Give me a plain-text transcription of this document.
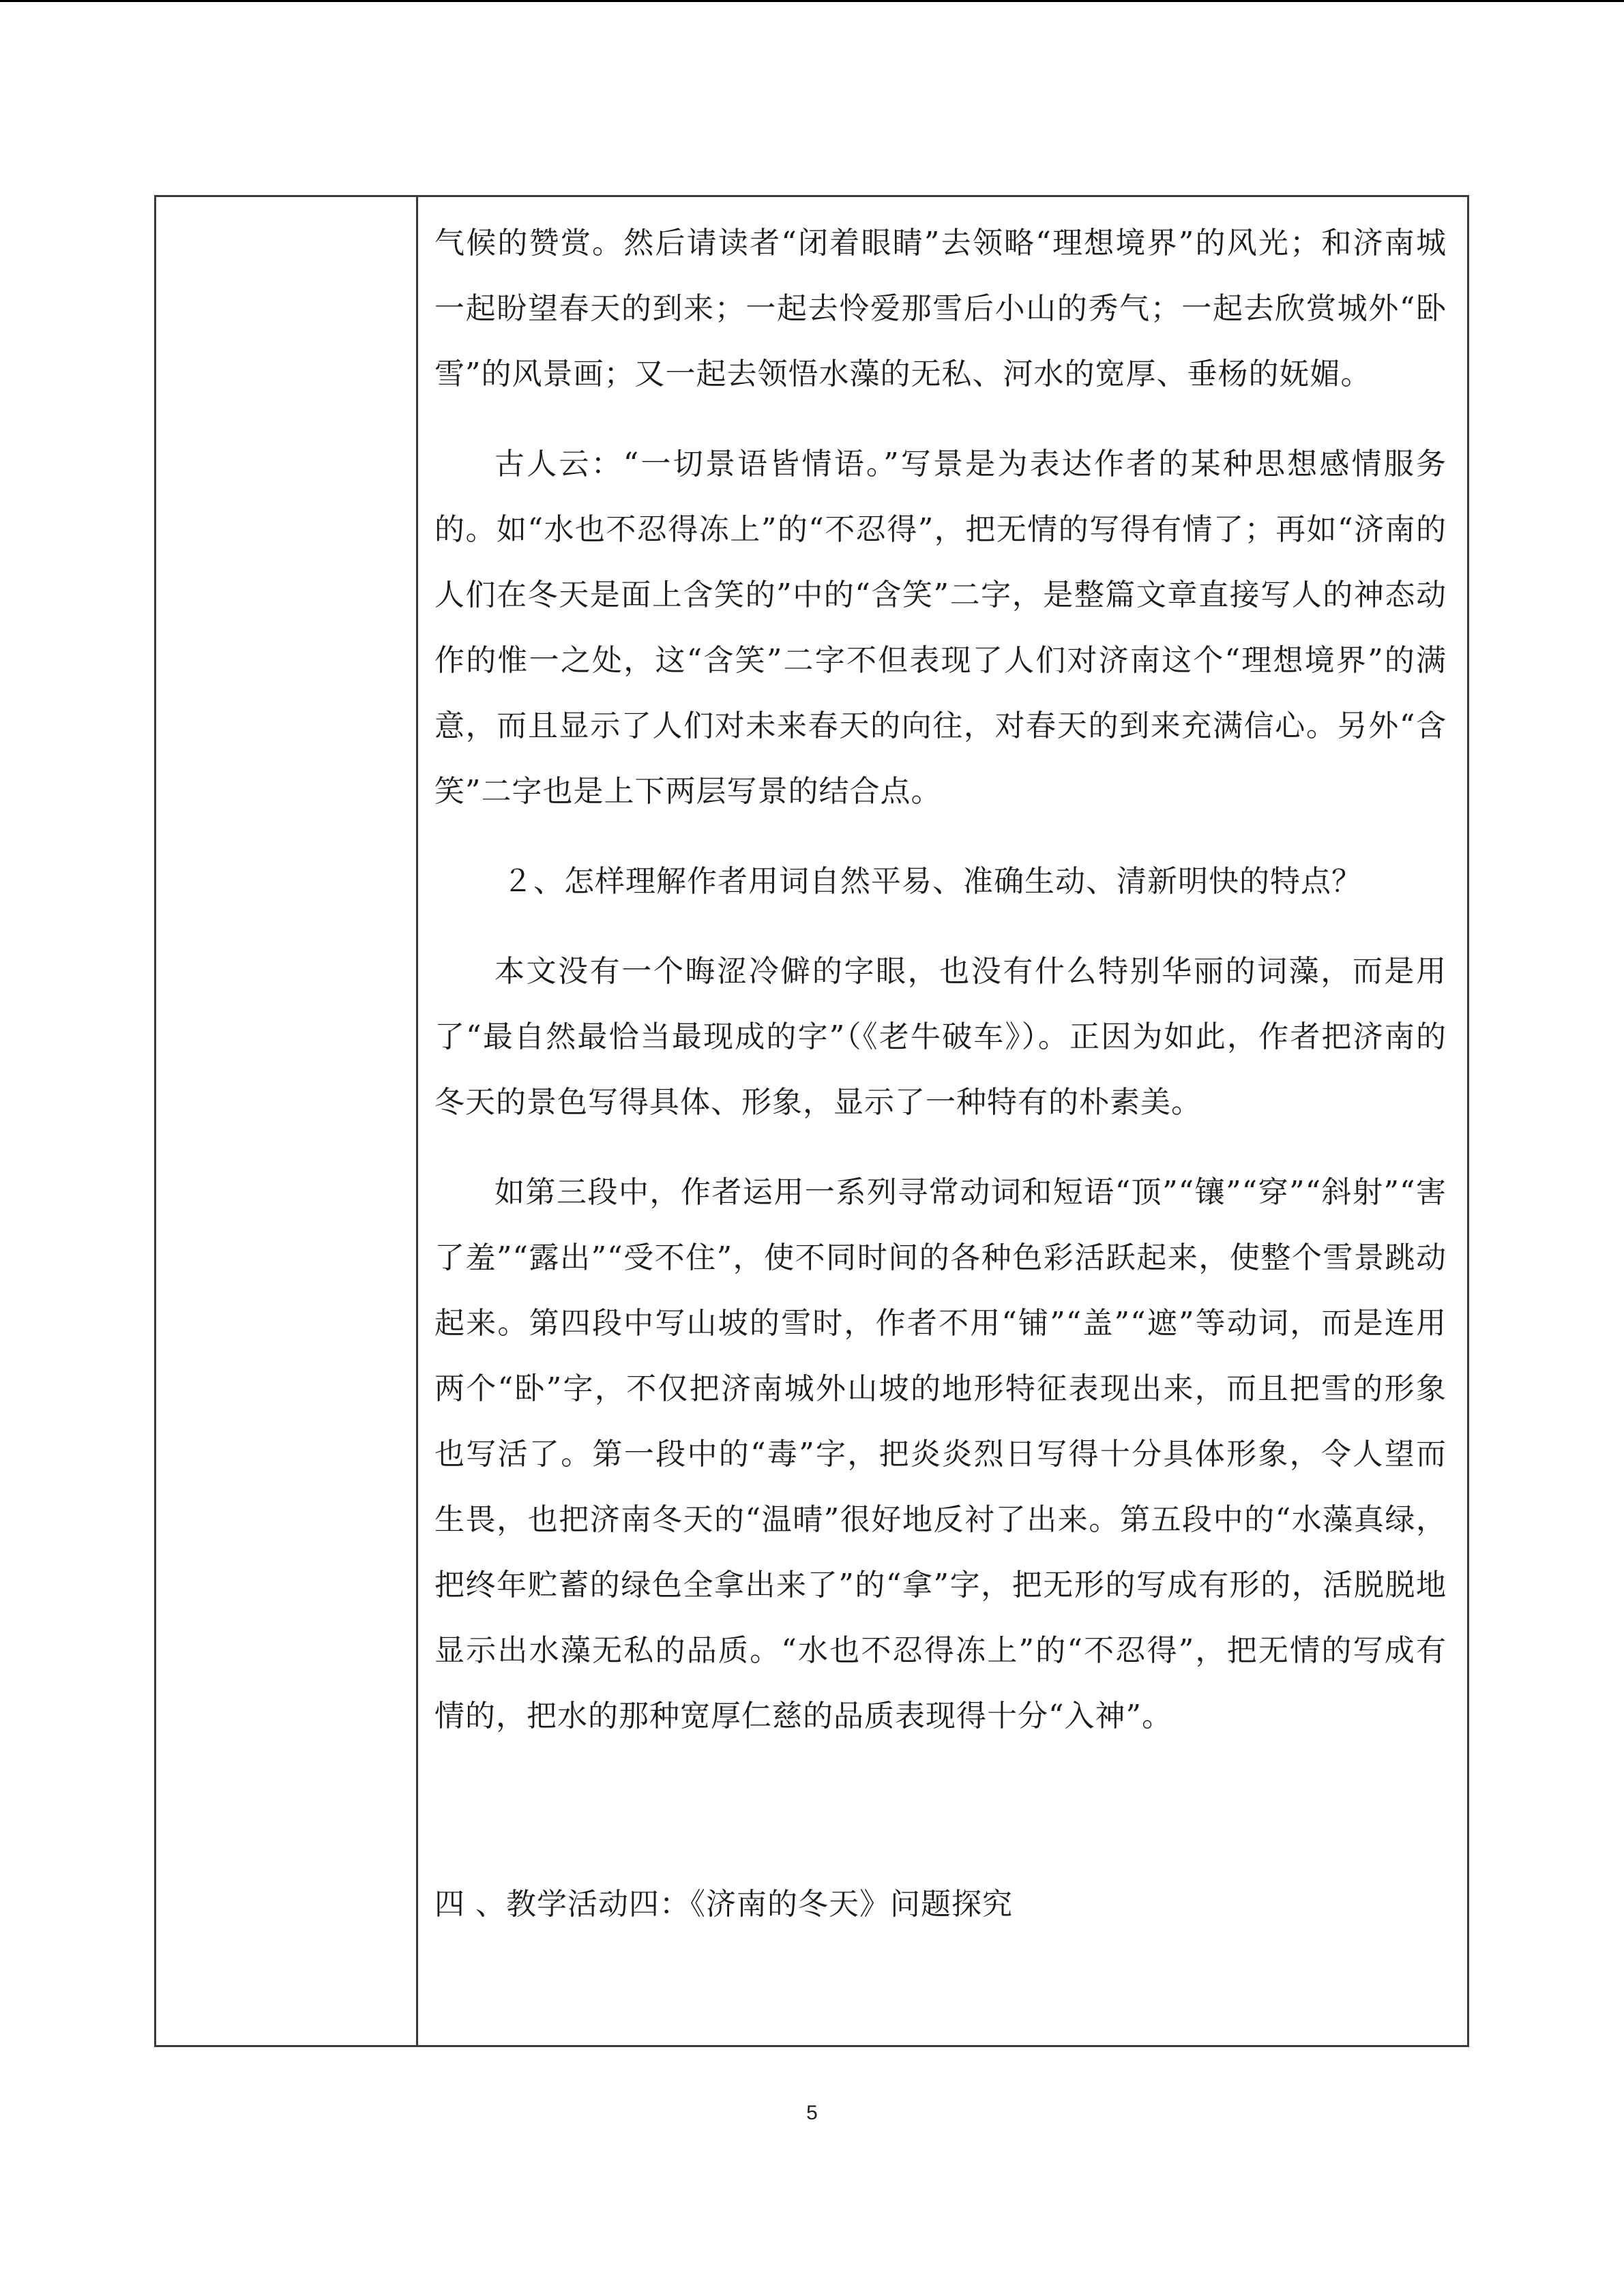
气候的赞赏。然后请读者“闭着眼睛”去领略“理想境界”的风光；和济南城一起盼望春天的到来；一起去怜爱那雪后小山的秀气；一起去欣赏城外“卧雪”的风景画；又一起去领悟水藻的无私、河水的宽厚、垂杨的妩媚。

古人云：“一切景语皆情语。”写景是为表达作者的某种思想感情服务的。如“水也不忍得冻上”的“不忍得”，把无情的写得有情了；再如“济南的人们在冬天是面上含笑的”中的“含笑”二字，是整篇文章直接写人的神态动作的惟一之处，这“含笑”二字不但表现了人们对济南这个“理想境界”的满意，而且显示了人们对未来春天的向往，对春天的到来充满信心。另外“含笑”二字也是上下两层写景的结合点。

２、怎样理解作者用词自然平易、准确生动、清新明快的特点？

本文没有一个晦涩冷僻的字眼，也没有什么特别华丽的词藻，而是用了“最自然最恰当最现成的字”（《老牛破车》）。正因为如此，作者把济南的冬天的景色写得具体、形象，显示了一种特有的朴素美。

如第三段中，作者运用一系列寻常动词和短语“顶”“镶”“穿”“斜射”“害了羞”“露出”“受不住”，使不同时间的各种色彩活跃起来，使整个雪景跳动起来。第四段中写山坡的雪时，作者不用“铺”“盖”“遮”等动词，而是连用两个“卧”字，不仅把济南城外山坡的地形特征表现出来，而且把雪的形象也写活了。第一段中的“毒”字，把炎炎烈日写得十分具体形象，令人望而生畏，也把济南冬天的“温晴”很好地反衬了出来。第五段中的“水藻真绿，把终年贮蓄的绿色全拿出来了”的“拿”字，把无形的写成有形的，活脱脱地显示出水藻无私的品质。“水也不忍得冻上”的“不忍得”，把无情的写成有情的，把水的那种宽厚仁慈的品质表现得十分“入神”。

四 、教学活动四：《济南的冬天》问题探究

5
